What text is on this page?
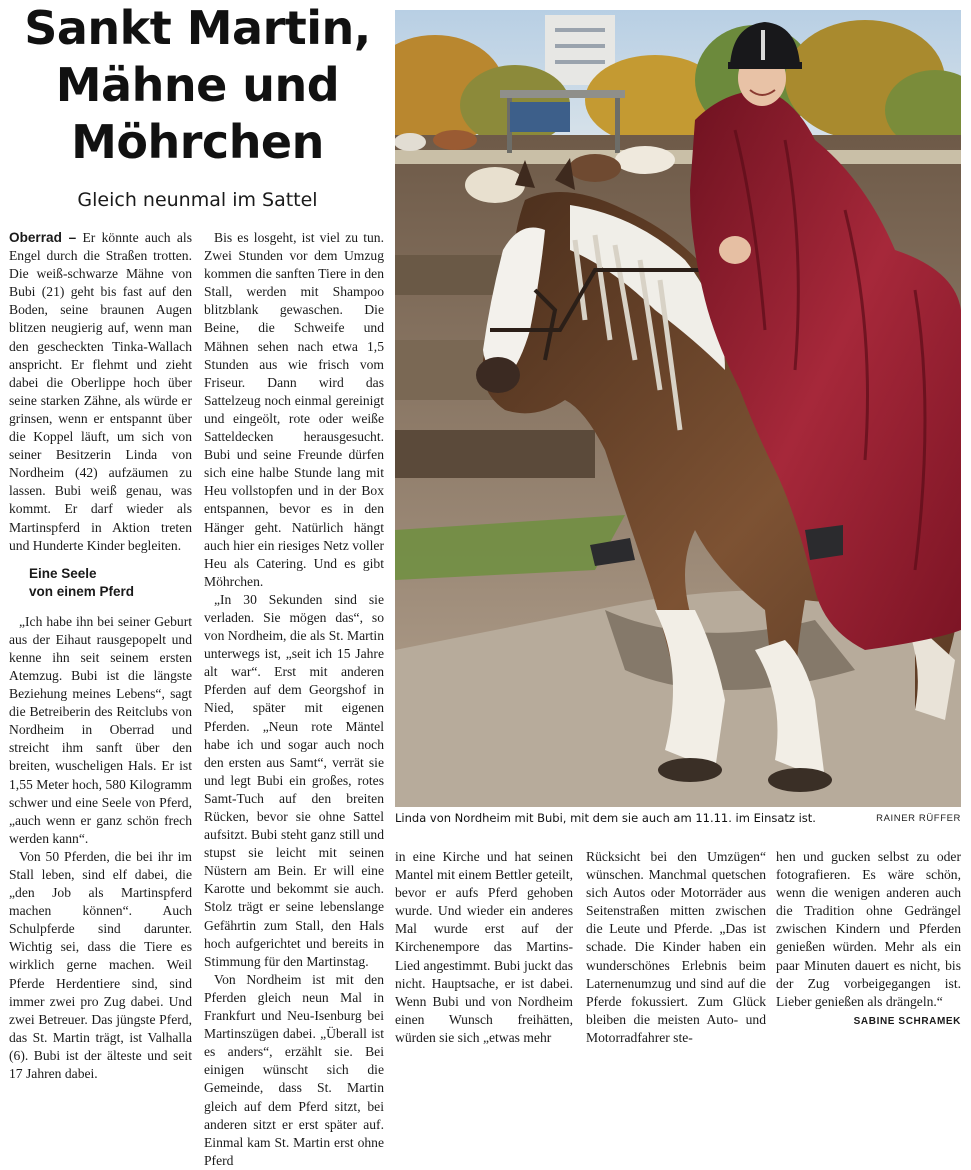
Sankt Martin,
Mähne und
Möhrchen
Gleich neunmal im Sattel

Oberrad – Er könnte auch als Engel durch die Straßen trotten. Die weiß-schwarze Mähne von Bubi (21) geht bis fast auf den Boden, seine braunen Augen blitzen neugierig auf, wenn man den gescheckten Tinka-Wallach anspricht. Er flehmt und zieht dabei die Oberlippe hoch über seine starken Zähne, als würde er grinsen, wenn er entspannt über die Koppel läuft, um sich von seiner Besitzerin Linda von Nordheim (42) aufzäumen zu lassen. Bubi weiß genau, was kommt. Er darf wieder als Martinspferd in Aktion treten und Hunderte Kinder begleiten.

Eine Seele
von einem Pferd

„Ich habe ihn bei seiner Geburt aus der Eihaut rausgepopelt und kenne ihn seit seinem ersten Atemzug. Bubi ist die längste Beziehung meines Lebens“, sagt die Betreiberin des Reitclubs von Nordheim in Oberrad und streicht ihm sanft über den breiten, wuscheligen Hals. Er ist 1,55 Meter hoch, 580 Kilogramm schwer und eine Seele von Pferd, „auch wenn er ganz schön frech werden kann“.

Von 50 Pferden, die bei ihr im Stall leben, sind elf dabei, die „den Job als Martinspferd machen können“. Auch Schulpferde sind darunter. Wichtig sei, dass die Tiere es wirklich gerne machen. Weil Pferde Herdentiere sind, sind immer zwei pro Zug dabei. Und zwei Betreuer. Das jüngste Pferd, das St. Martin trägt, ist Valhalla (6). Bubi ist der älteste und seit 17 Jahren dabei.

Bis es losgeht, ist viel zu tun. Zwei Stunden vor dem Umzug kommen die sanften Tiere in den Stall, werden mit Shampoo blitzblank gewaschen. Die Beine, die Schweife und Mähnen sehen nach etwa 1,5 Stunden aus wie frisch vom Friseur. Dann wird das Sattelzeug noch einmal gereinigt und eingeölt, rote oder weiße Satteldecken herausgesucht. Bubi und seine Freunde dürfen sich eine halbe Stunde lang mit Heu vollstopfen und in der Box entspannen, bevor es in den Hänger geht. Natürlich hängt auch hier ein riesiges Netz voller Heu als Catering. Und es gibt Möhrchen.

„In 30 Sekunden sind sie verladen. Sie mögen das“, so von Nordheim, die als St. Martin unterwegs ist, „seit ich 15 Jahre alt war“. Erst mit anderen Pferden auf dem Georgshof in Nied, später mit eigenen Pferden. „Neun rote Mäntel habe ich und sogar auch noch den ersten aus Samt“, verrät sie und legt Bubi ein großes, rotes Samt-Tuch auf den breiten Rücken, bevor sie ohne Sattel aufsitzt. Bubi steht ganz still und stupst sie leicht mit seinen Nüstern am Bein. Er will eine Karotte und bekommt sie auch. Stolz trägt er seine lebenslange Gefährtin zum Stall, den Hals hoch aufgerichtet und bereits in Stimmung für den Martinstag.

Von Nordheim ist mit den Pferden gleich neun Mal in Frankfurt und Neu-Isenburg bei Martinszügen dabei. „Überall ist es anders“, erzählt sie. Bei einigen wünscht sich die Gemeinde, dass St. Martin gleich auf dem Pferd sitzt, bei anderen sitzt er erst später auf. Einmal kam St. Martin erst ohne Pferd

Linda von Nordheim mit Bubi, mit dem sie auch am 11.11. im Einsatz ist.	RAINER RÜFFER

in eine Kirche und hat seinen Mantel mit einem Bettler geteilt, bevor er aufs Pferd gehoben wurde. Und wieder ein anderes Mal wurde erst auf der Kirchenempore das Martins-Lied angestimmt. Bubi juckt das nicht. Hauptsache, er ist dabei. Wenn Bubi und von Nordheim einen Wunsch freihätten, würden sie sich „etwas mehr

Rücksicht bei den Umzügen“ wünschen. Manchmal quetschen sich Autos oder Motorräder aus Seitenstraßen mitten zwischen die Leute und Pferde. „Das ist schade. Die Kinder haben ein wunderschönes Erlebnis beim Laternenumzug und sind auf die Pferde fokussiert. Zum Glück bleiben die meisten Auto- und Motorradfahrer ste-

hen und gucken selbst zu oder fotografieren. Es wäre schön, wenn die wenigen anderen auch die Tradition ohne Gedrängel zwischen Kindern und Pferden genießen würden. Mehr als ein paar Minuten dauert es nicht, bis der Zug vorbeigegangen ist. Lieber genießen als drängeln.“

SABINE SCHRAMEK
